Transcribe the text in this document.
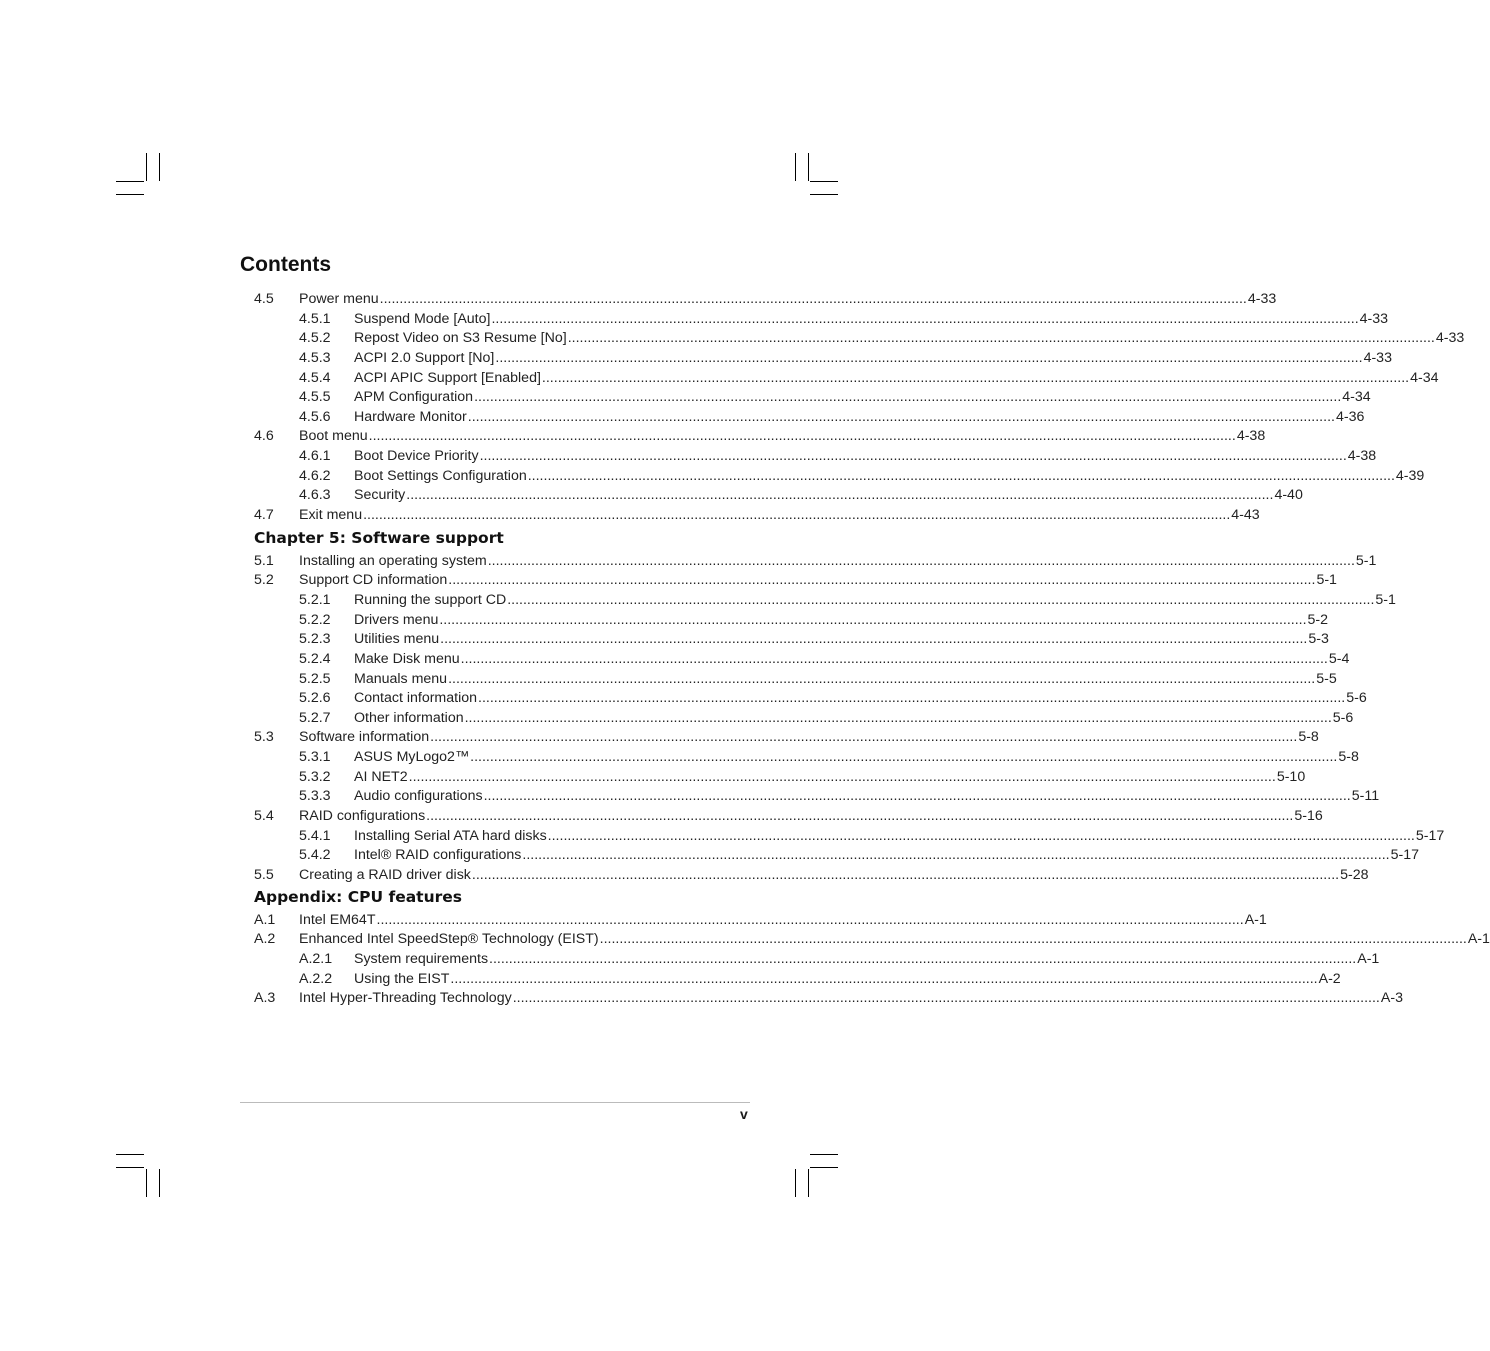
Contents
4.5 Power menu ............................................................................................................................................................................................................................ 4-33
4.5.1 Suspend Mode [Auto] ............................................................................................................................................................................................................................ 4-33
4.5.2 Repost Video on S3 Resume [No] ............................................................................................................................................................................................................................ 4-33
4.5.3 ACPI 2.0 Support [No] ............................................................................................................................................................................................................................ 4-33
4.5.4 ACPI APIC Support [Enabled] ............................................................................................................................................................................................................................ 4-34
4.5.5 APM Configuration ............................................................................................................................................................................................................................ 4-34
4.5.6 Hardware Monitor ............................................................................................................................................................................................................................ 4-36
4.6 Boot menu ............................................................................................................................................................................................................................ 4-38
4.6.1 Boot Device Priority ............................................................................................................................................................................................................................ 4-38
4.6.2 Boot Settings Configuration ............................................................................................................................................................................................................................ 4-39
4.6.3 Security ............................................................................................................................................................................................................................ 4-40
4.7 Exit menu ............................................................................................................................................................................................................................ 4-43
Chapter 5: Software support
5.1 Installing an operating system ............................................................................................................................................................................................................................ 5-1
5.2 Support CD information ............................................................................................................................................................................................................................ 5-1
5.2.1 Running the support CD ............................................................................................................................................................................................................................ 5-1
5.2.2 Drivers menu ............................................................................................................................................................................................................................ 5-2
5.2.3 Utilities menu ............................................................................................................................................................................................................................ 5-3
5.2.4 Make Disk menu ............................................................................................................................................................................................................................ 5-4
5.2.5 Manuals menu ............................................................................................................................................................................................................................ 5-5
5.2.6 Contact information ............................................................................................................................................................................................................................ 5-6
5.2.7 Other information ............................................................................................................................................................................................................................ 5-6
5.3 Software information ............................................................................................................................................................................................................................ 5-8
5.3.1 ASUS MyLogo2™ ............................................................................................................................................................................................................................ 5-8
5.3.2 AI NET2 ............................................................................................................................................................................................................................ 5-10
5.3.3 Audio configurations ............................................................................................................................................................................................................................ 5-11
5.4 RAID configurations ............................................................................................................................................................................................................................ 5-16
5.4.1 Installing Serial ATA hard disks ............................................................................................................................................................................................................................ 5-17
5.4.2 Intel® RAID configurations ............................................................................................................................................................................................................................ 5-17
5.5 Creating a RAID driver disk ............................................................................................................................................................................................................................ 5-28
Appendix: CPU features
A.1 Intel EM64T ............................................................................................................................................................................................................................ A-1
A.2 Enhanced Intel SpeedStep® Technology (EIST) ............................................................................................................................................................................................................................ A-1
A.2.1 System requirements ............................................................................................................................................................................................................................ A-1
A.2.2 Using the EIST ............................................................................................................................................................................................................................ A-2
A.3 Intel Hyper-Threading Technology ............................................................................................................................................................................................................................ A-3
v
